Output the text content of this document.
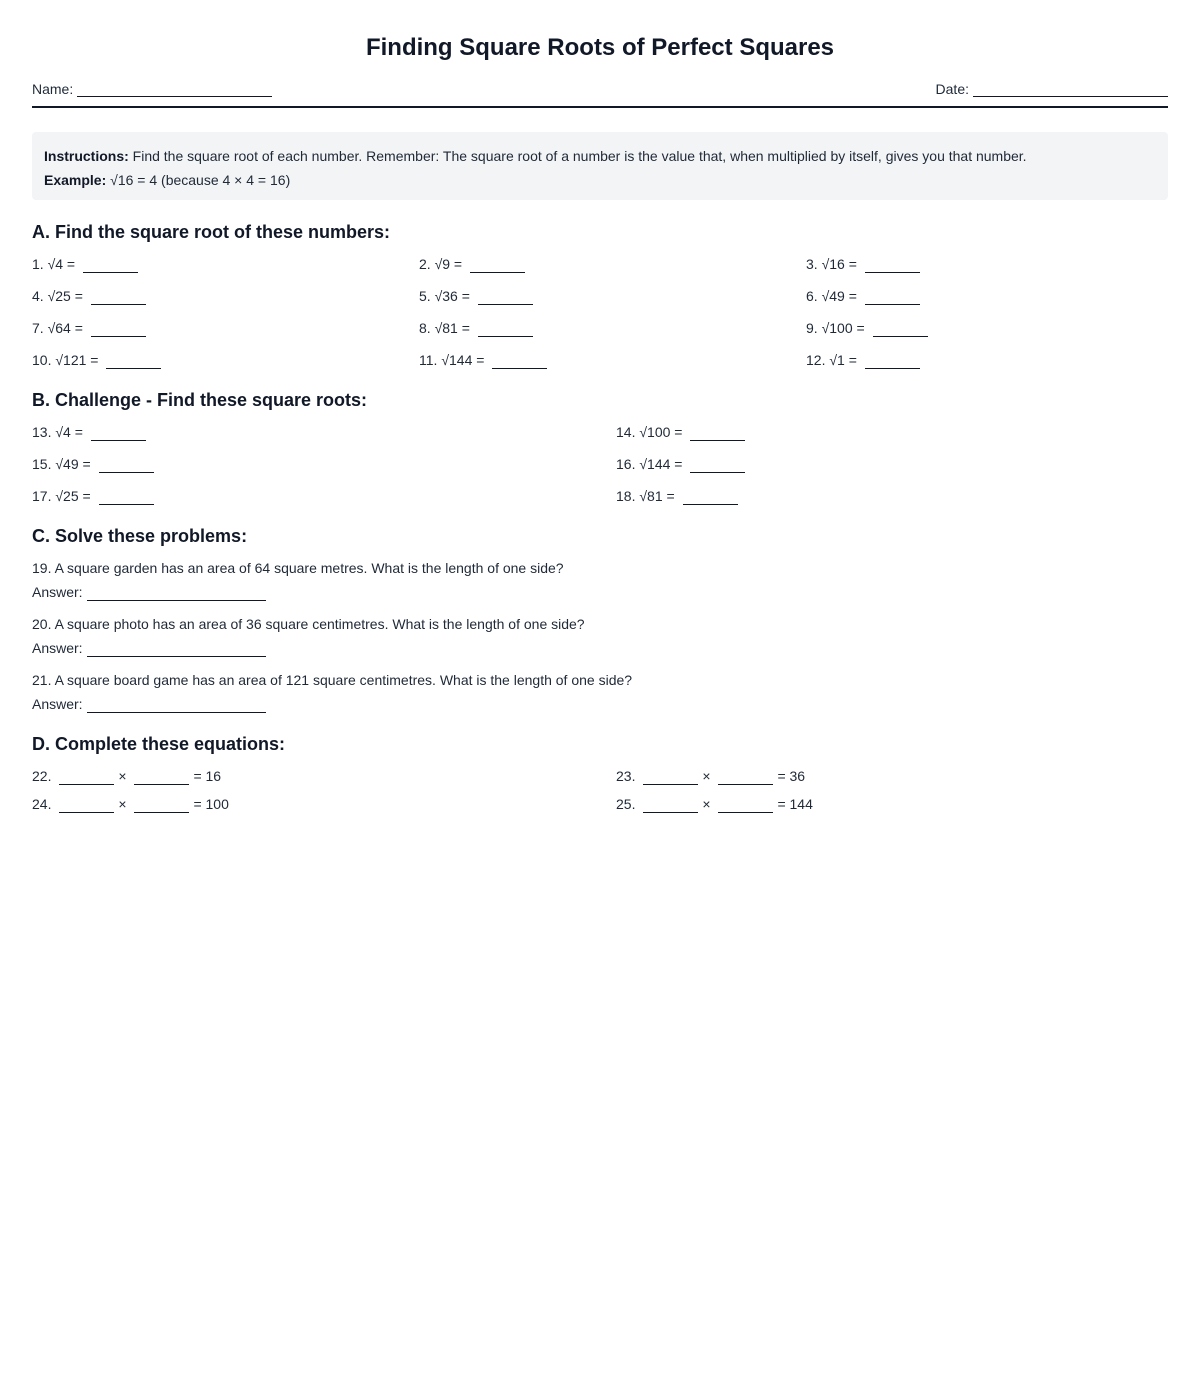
Finding Square Roots of Perfect Squares
Name:	Date:
Instructions: Find the square root of each number. Remember: The square root of a number is the value that, when multiplied by itself, gives you that number.
Example: √16 = 4 (because 4 × 4 = 16)
A. Find the square root of these numbers:
1. √4 =	2. √9 =	3. √16 =
4. √25 =	5. √36 =	6. √49 =
7. √64 =	8. √81 =	9. √100 =
10. √121 =	11. √144 =	12. √1 =
B. Challenge - Find these square roots:
13. √4 =	14. √100 =
15. √49 =	16. √144 =
17. √25 =	18. √81 =
C. Solve these problems:
19. A square garden has an area of 64 square metres. What is the length of one side?
Answer:
20. A square photo has an area of 36 square centimetres. What is the length of one side?
Answer:
21. A square board game has an area of 121 square centimetres. What is the length of one side?
Answer:
D. Complete these equations:
22.	×	= 16	23.	×	= 36
24.	×	= 100	25.	×	= 144
